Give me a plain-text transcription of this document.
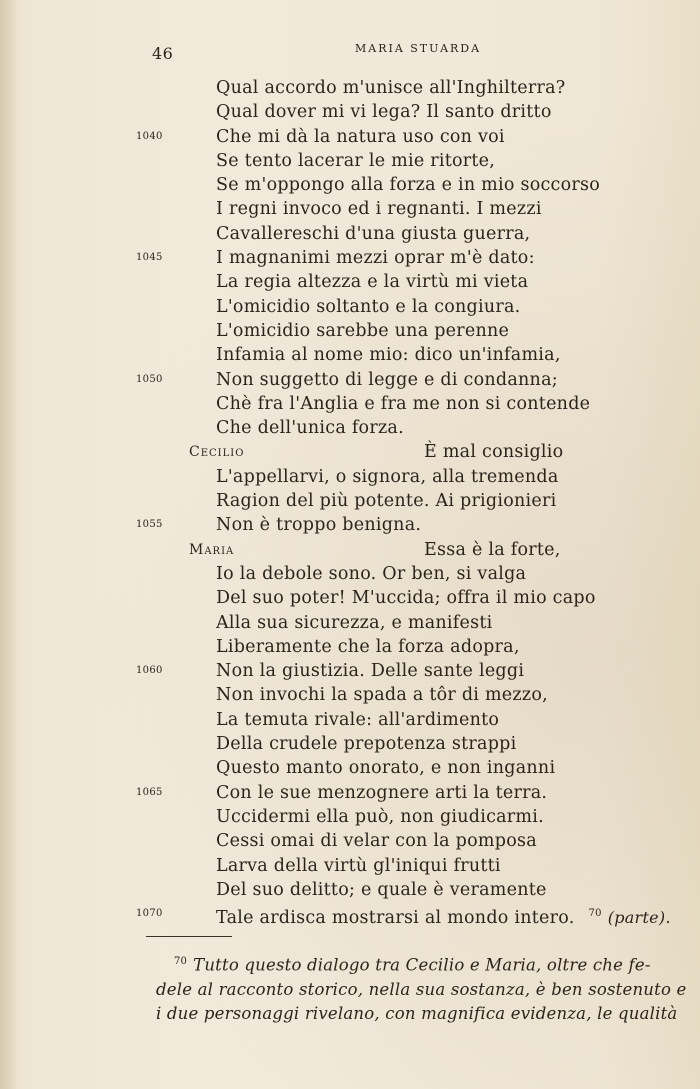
46	MARIA STUARDA
Qual accordo m'unisce all'Inghilterra?
Qual dover mi vi lega? Il santo dritto
1040	Che mi dà la natura uso con voi
Se tento lacerar le mie ritorte,
Se m'oppongo alla forza e in mio soccorso
I regni invoco ed i regnanti. I mezzi
Cavallereschi d'una giusta guerra,
1045	I magnanimi mezzi oprar m'è dato:
La regia altezza e la virtù mi vieta
L'omicidio soltanto e la congiura.
L'omicidio sarebbe una perenne
Infamia al nome mio: dico un'infamia,
1050	Non suggetto di legge e di condanna;
Chè fra l'Anglia e fra me non si contende
Che dell'unica forza.
Cecilio	È mal consiglio
L'appellarvi, o signora, alla tremenda
Ragion del più potente. Ai prigionieri
1055	Non è troppo benigna.
Maria	Essa è la forte,
Io la debole sono. Or ben, si valga
Del suo poter! M'uccida; offra il mio capo
Alla sua sicurezza, e manifesti
Liberamente che la forza adopra,
1060	Non la giustizia. Delle sante leggi
Non invochi la spada a tôr di mezzo,
La temuta rivale: all'ardimento
Della crudele prepotenza strappi
Questo manto onorato, e non inganni
1065	Con le sue menzognere arti la terra.
Uccidermi ella può, non giudicarmi.
Cessi omai di velar con la pomposa
Larva della virtù gl'iniqui frutti
Del suo delitto; e quale è veramente
1070	Tale ardisca mostrarsi al mondo intero. $^{70}$ (parte).
$^{70}$ Tutto questo dialogo tra Cecilio e Maria, oltre che fe-
dele al racconto storico, nella sua sostanza, è ben sostenuto e
i due personaggi rivelano, con magnifica evidenza, le qualità
